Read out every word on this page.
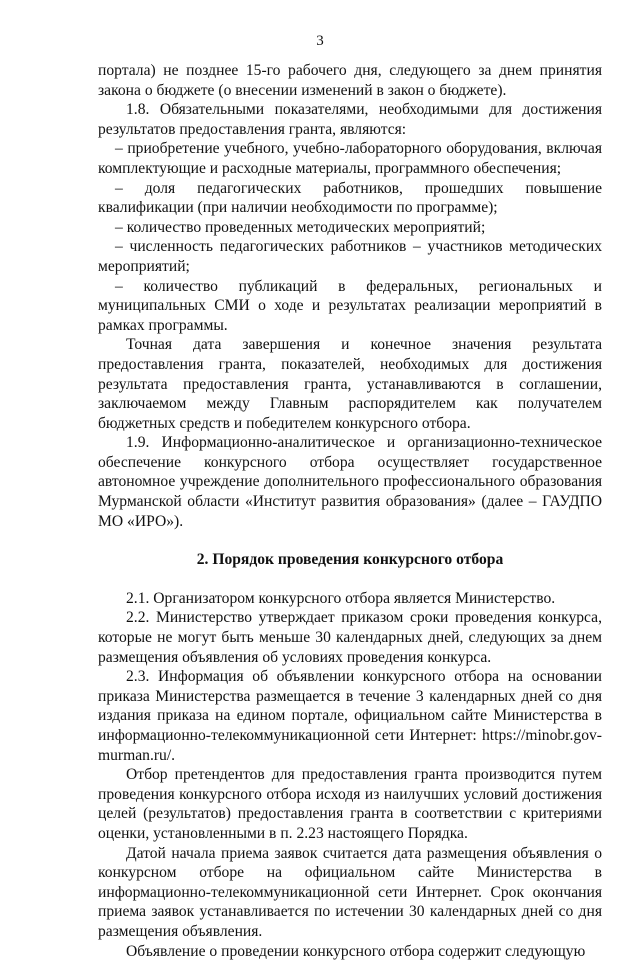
3

портала) не позднее 15-го рабочего дня, следующего за днем принятия закона о бюджете (о внесении изменений в закон о бюджете).

1.8. Обязательными показателями, необходимыми для достижения результатов предоставления гранта, являются:

– приобретение учебного, учебно-лабораторного оборудования, включая комплектующие и расходные материалы, программного обеспечения;

– доля педагогических работников, прошедших повышение квалификации (при наличии необходимости по программе);

– количество проведенных методических мероприятий;

– численность педагогических работников – участников методических мероприятий;

– количество публикаций в федеральных, региональных и муниципальных СМИ о ходе и результатах реализации мероприятий в рамках программы.

Точная дата завершения и конечное значения результата предоставления гранта, показателей, необходимых для достижения результата предоставления гранта, устанавливаются в соглашении, заключаемом между Главным распорядителем как получателем бюджетных средств и победителем конкурсного отбора.

1.9. Информационно-аналитическое и организационно-техническое обеспечение конкурсного отбора осуществляет государственное автономное учреждение дополнительного профессионального образования Мурманской области «Институт развития образования» (далее – ГАУДПО МО «ИРО»).

2. Порядок проведения конкурсного отбора

2.1. Организатором конкурсного отбора является Министерство.

2.2. Министерство утверждает приказом сроки проведения конкурса, которые не могут быть меньше 30 календарных дней, следующих за днем размещения объявления об условиях проведения конкурса.

2.3. Информация об объявлении конкурсного отбора на основании приказа Министерства размещается в течение 3 календарных дней со дня издания приказа на едином портале, официальном сайте Министерства в информационно-телекоммуникационной сети Интернет: https://minobr.gov-murman.ru/.

Отбор претендентов для предоставления гранта производится путем проведения конкурсного отбора исходя из наилучших условий достижения целей (результатов) предоставления гранта в соответствии с критериями оценки, установленными в п. 2.23 настоящего Порядка.

Датой начала приема заявок считается дата размещения объявления о конкурсном отборе на официальном сайте Министерства в информационно-телекоммуникационной сети Интернет. Срок окончания приема заявок устанавливается по истечении 30 календарных дней со дня размещения объявления.

Объявление о проведении конкурсного отбора содержит следующую
